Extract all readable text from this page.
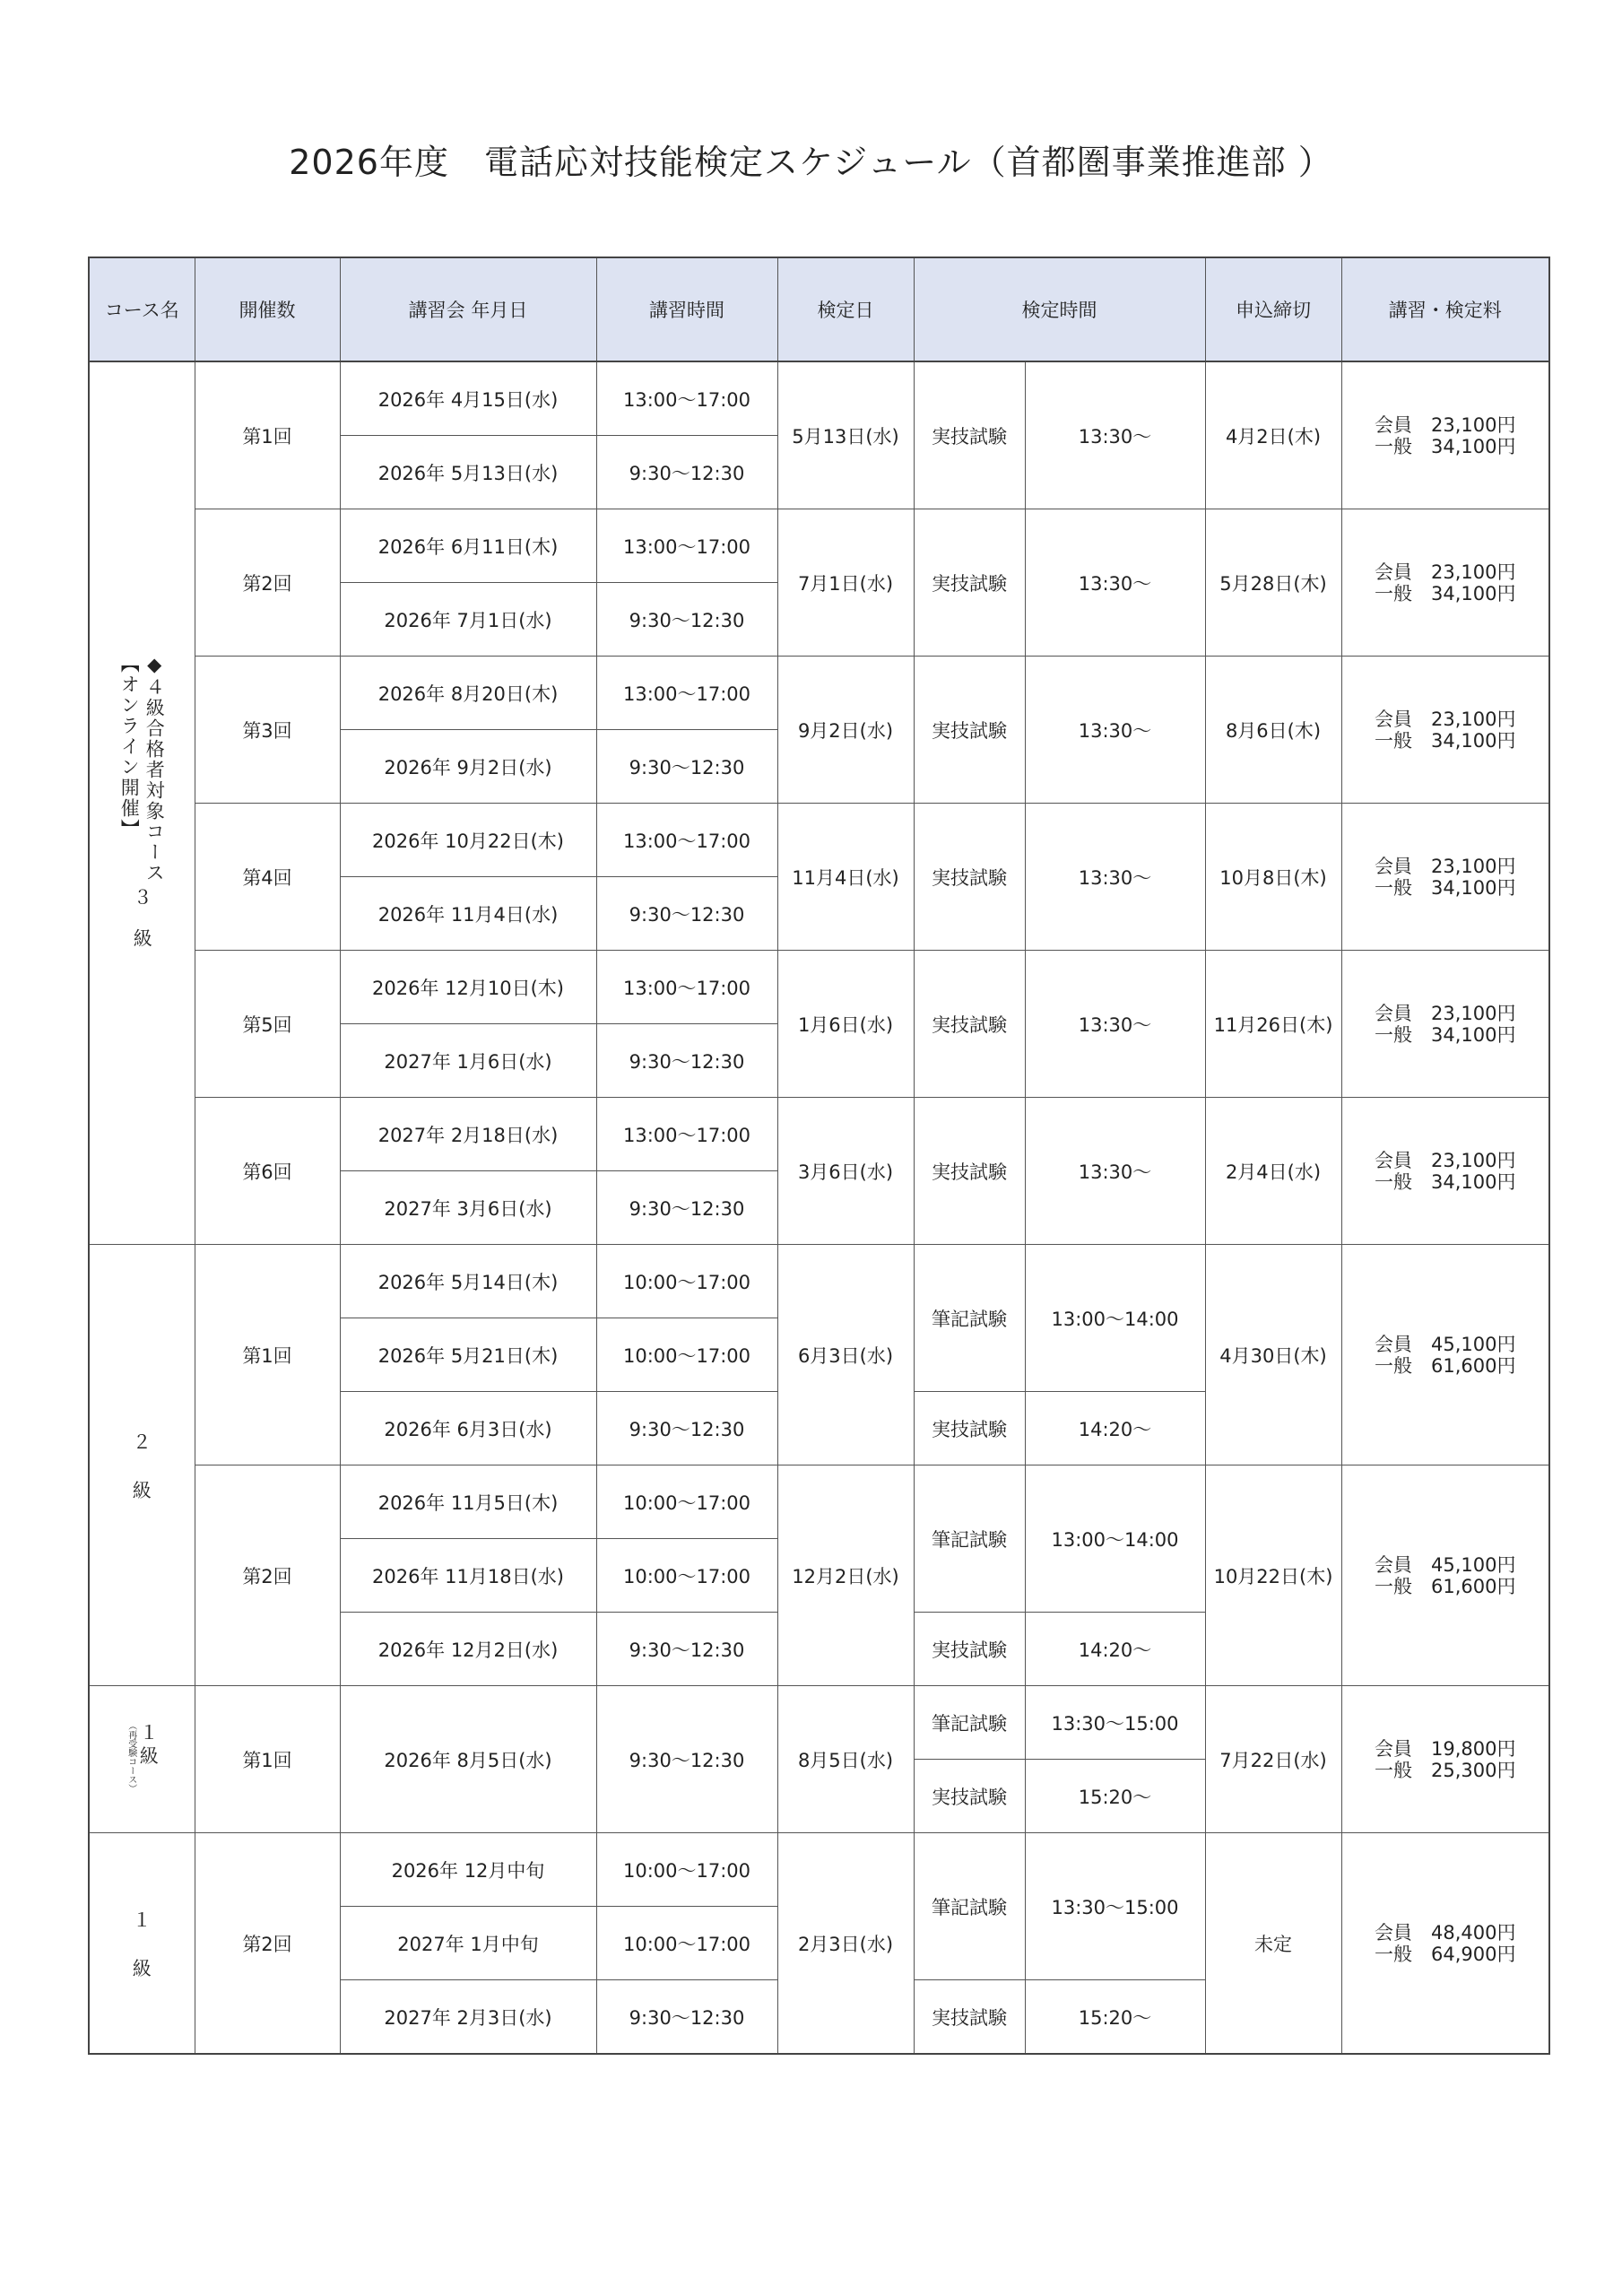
2026年度　電話応対技能検定スケジュール（首都圏事業推進部 ）
コース名	開催数	講習会 年月日	講習時間	検定日	検定時間		申込締切	講習・検定料

◆４級合格者対象コース
【オンライン開催】

３　級	第1回	2026年 4月15日(水)	13:00～17:00	5月13日(水)	実技試験	13:30～	4月2日(木)	会員　23,100円
一般　34,100円

		2026年 5月13日(水)	9:30～12:30					
	第2回	2026年 6月11日(木)	13:00～17:00	7月1日(水)	実技試験	13:30～	5月28日(木)	会員　23,100円
一般　34,100円

		2026年 7月1日(水)	9:30～12:30					
	第3回	2026年 8月20日(木)	13:00～17:00	9月2日(水)	実技試験	13:30～	8月6日(木)	会員　23,100円
一般　34,100円

		2026年 9月2日(水)	9:30～12:30					
	第4回	2026年 10月22日(木)	13:00～17:00	11月4日(水)	実技試験	13:30～	10月8日(木)	会員　23,100円
一般　34,100円

		2026年 11月4日(水)	9:30～12:30					
	第5回	2026年 12月10日(木)	13:00～17:00	1月6日(水)	実技試験	13:30～	11月26日(木)	会員　23,100円
一般　34,100円

		2027年 1月6日(水)	9:30～12:30					
	第6回	2027年 2月18日(水)	13:00～17:00	3月6日(水)	実技試験	13:30～	2月4日(水)	会員　23,100円
一般　34,100円

		2027年 3月6日(水)	9:30～12:30					
２

級	第1回	2026年 5月14日(木)	10:00～17:00	6月3日(水)	筆記試験	13:00～14:00	4月30日(木)	会員　45,100円
一般　61,600円

		2026年 5月21日(木)	10:00～17:00					
		2026年 6月3日(水)	9:30～12:30		実技試験	14:20～		
	第2回	2026年 11月5日(木)	10:00～17:00	12月2日(水)	筆記試験	13:00～14:00	10月22日(木)	会員　45,100円
一般　61,600円

		2026年 11月18日(水)	10:00～17:00					
		2026年 12月2日(水)	9:30～12:30		実技試験	14:20～		

１
級
（再受験コース）	第1回	2026年 8月5日(水)	9:30～12:30	8月5日(水)	筆記試験	13:30～15:00	7月22日(水)	会員　19,800円
一般　25,300円

					実技試験	15:20～		
１

級	第2回	2026年 12月中旬	10:00～17:00	2月3日(水)	筆記試験	13:30～15:00	未定	会員　48,400円
一般　64,900円

		2027年 1月中旬	10:00～17:00					
		2027年 2月3日(水)	9:30～12:30		実技試験	15:20～		
